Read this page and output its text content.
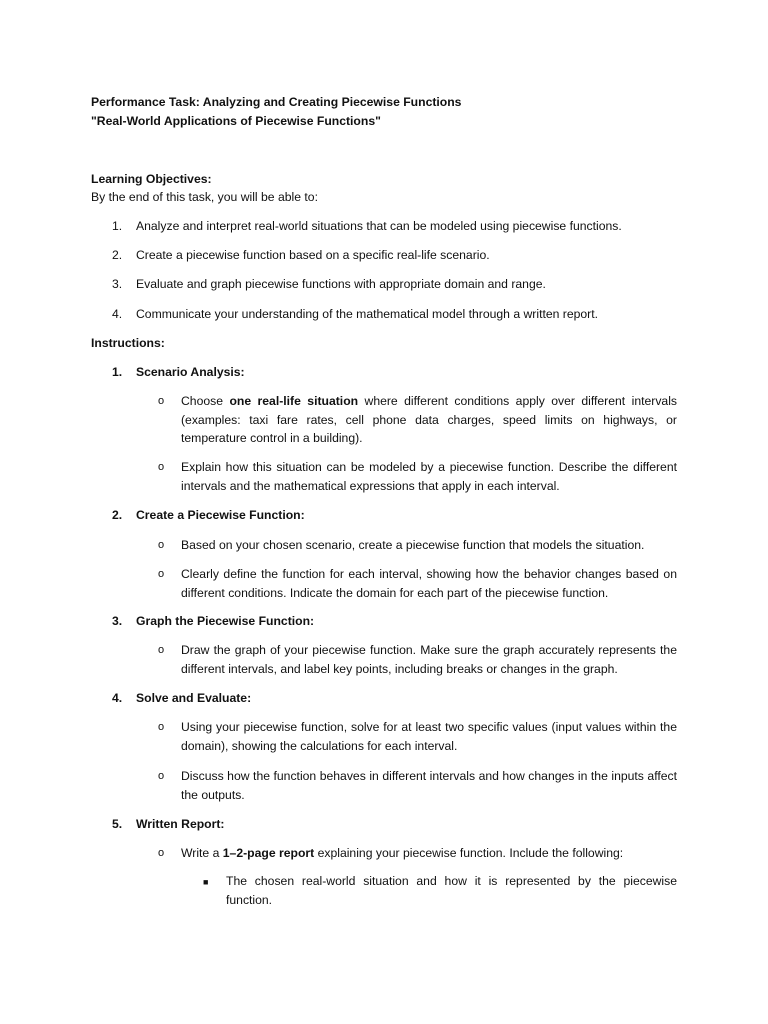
Performance Task: Analyzing and Creating Piecewise Functions
"Real-World Applications of Piecewise Functions"
Learning Objectives:
By the end of this task, you will be able to:
1.	Analyze and interpret real-world situations that can be modeled using piecewise functions.
2.	Create a piecewise function based on a specific real-life scenario.
3.	Evaluate and graph piecewise functions with appropriate domain and range.
4.	Communicate your understanding of the mathematical model through a written report.
Instructions:
1.	Scenario Analysis:
o Choose one real-life situation where different conditions apply over different intervals (examples: taxi fare rates, cell phone data charges, speed limits on highways, or temperature control in a building).
o Explain how this situation can be modeled by a piecewise function. Describe the different intervals and the mathematical expressions that apply in each interval.
2.	Create a Piecewise Function:
o Based on your chosen scenario, create a piecewise function that models the situation.
o Clearly define the function for each interval, showing how the behavior changes based on different conditions. Indicate the domain for each part of the piecewise function.
3.	Graph the Piecewise Function:
o Draw the graph of your piecewise function. Make sure the graph accurately represents the different intervals, and label key points, including breaks or changes in the graph.
4.	Solve and Evaluate:
o Using your piecewise function, solve for at least two specific values (input values within the domain), showing the calculations for each interval.
o Discuss how the function behaves in different intervals and how changes in the inputs affect the outputs.
5.	Written Report:
o Write a 1–2-page report explaining your piecewise function. Include the following:
■ The chosen real-world situation and how it is represented by the piecewise function.
